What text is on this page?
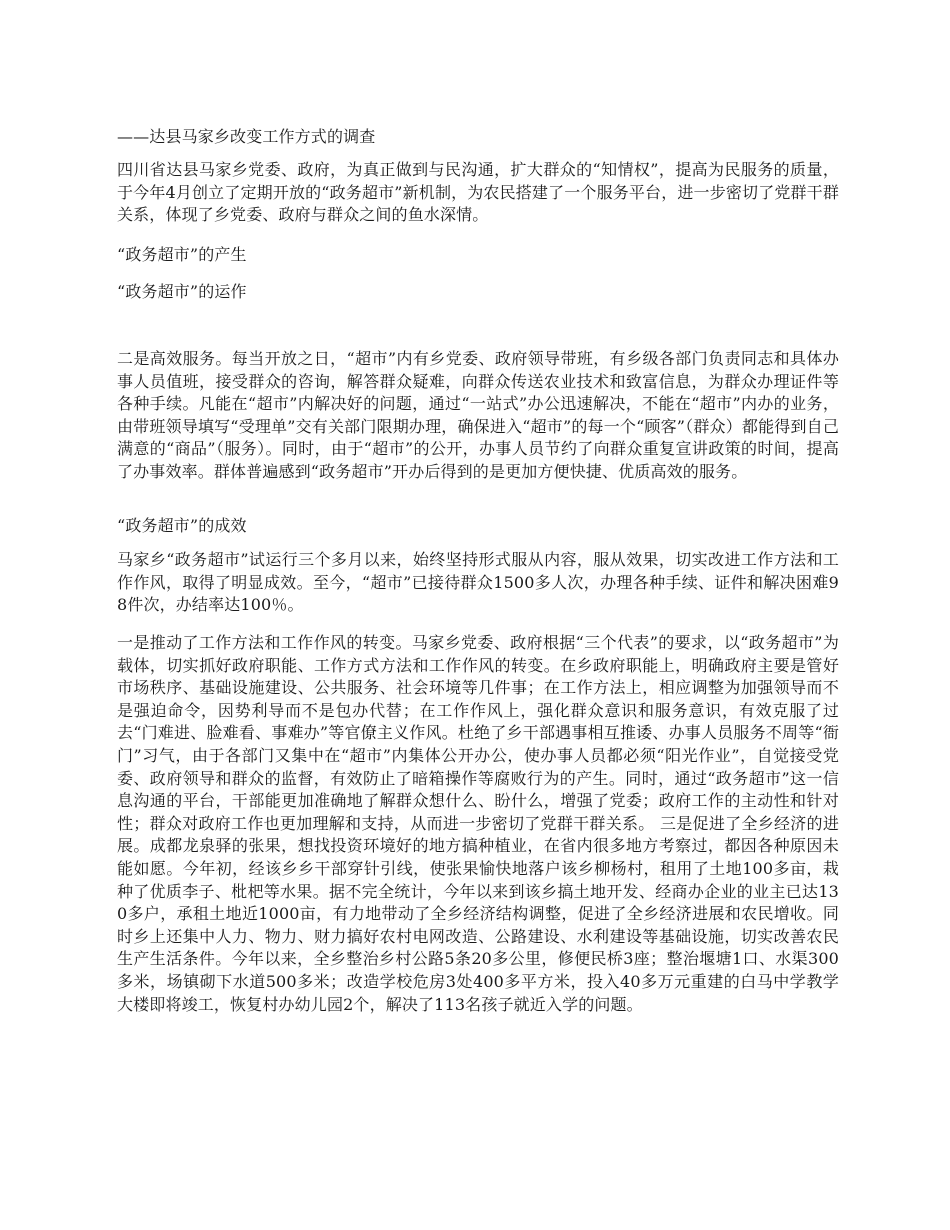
——达县马家乡改变工作方式的调查

四川省达县马家乡党委、政府，为真正做到与民沟通，扩大群众的“知情权”，提高为民服务的质量，于今年4月创立了定期开放的“政务超市”新机制，为农民搭建了一个服务平台，进一步密切了党群干群关系，体现了乡党委、政府与群众之间的鱼水深情。

“政务超市”的产生

“政务超市”的运作

二是高效服务。每当开放之日，“超市”内有乡党委、政府领导带班，有乡级各部门负责同志和具体办事人员值班，接受群众的咨询，解答群众疑难，向群众传送农业技术和致富信息，为群众办理证件等各种手续。凡能在“超市”内解决好的问题，通过“一站式”办公迅速解决，不能在“超市”内办的业务，由带班领导填写“受理单”交有关部门限期办理，确保进入“超市”的每一个“顾客”（群众）都能得到自己满意的“商品”（服务）。同时，由于“超市”的公开，办事人员节约了向群众重复宣讲政策的时间，提高了办事效率。群体普遍感到“政务超市”开办后得到的是更加方便快捷、优质高效的服务。

“政务超市”的成效

马家乡“政务超市”试运行三个多月以来，始终坚持形式服从内容，服从效果，切实改进工作方法和工作作风，取得了明显成效。至今，“超市”已接待群众1500多人次，办理各种手续、证件和解决困难98件次，办结率达100％。

一是推动了工作方法和工作作风的转变。马家乡党委、政府根据“三个代表”的要求，以“政务超市”为载体，切实抓好政府职能、工作方式方法和工作作风的转变。在乡政府职能上，明确政府主要是管好市场秩序、基础设施建设、公共服务、社会环境等几件事；在工作方法上，相应调整为加强领导而不是强迫命令，因势利导而不是包办代替；在工作作风上，强化群众意识和服务意识，有效克服了过去“门难进、脸难看、事难办”等官僚主义作风。杜绝了乡干部遇事相互推诿、办事人员服务不周等“衙门”习气，由于各部门又集中在“超市”内集体公开办公，使办事人员都必须“阳光作业”，自觉接受党委、政府领导和群众的监督，有效防止了暗箱操作等腐败行为的产生。同时，通过“政务超市”这一信息沟通的平台，干部能更加准确地了解群众想什么、盼什么，增强了党委；政府工作的主动性和针对性；群众对政府工作也更加理解和支持，从而进一步密切了党群干群关系。 三是促进了全乡经济的进展。成都龙泉驿的张果，想找投资环境好的地方搞种植业，在省内很多地方考察过，都因各种原因未能如愿。今年初，经该乡乡干部穿针引线，使张果愉快地落户该乡柳杨村，租用了土地100多亩，栽种了优质李子、枇杷等水果。据不完全统计，今年以来到该乡搞土地开发、经商办企业的业主已达130多户，承租土地近1000亩，有力地带动了全乡经济结构调整，促进了全乡经济进展和农民增收。同时乡上还集中人力、物力、财力搞好农村电网改造、公路建设、水利建设等基础设施，切实改善农民生产生活条件。今年以来，全乡整治乡村公路5条20多公里，修便民桥3座；整治堰塘1口、水渠300多米，场镇砌下水道500多米；改造学校危房3处400多平方米，投入40多万元重建的白马中学教学大楼即将竣工，恢复村办幼儿园2个，解决了113名孩子就近入学的问题。
